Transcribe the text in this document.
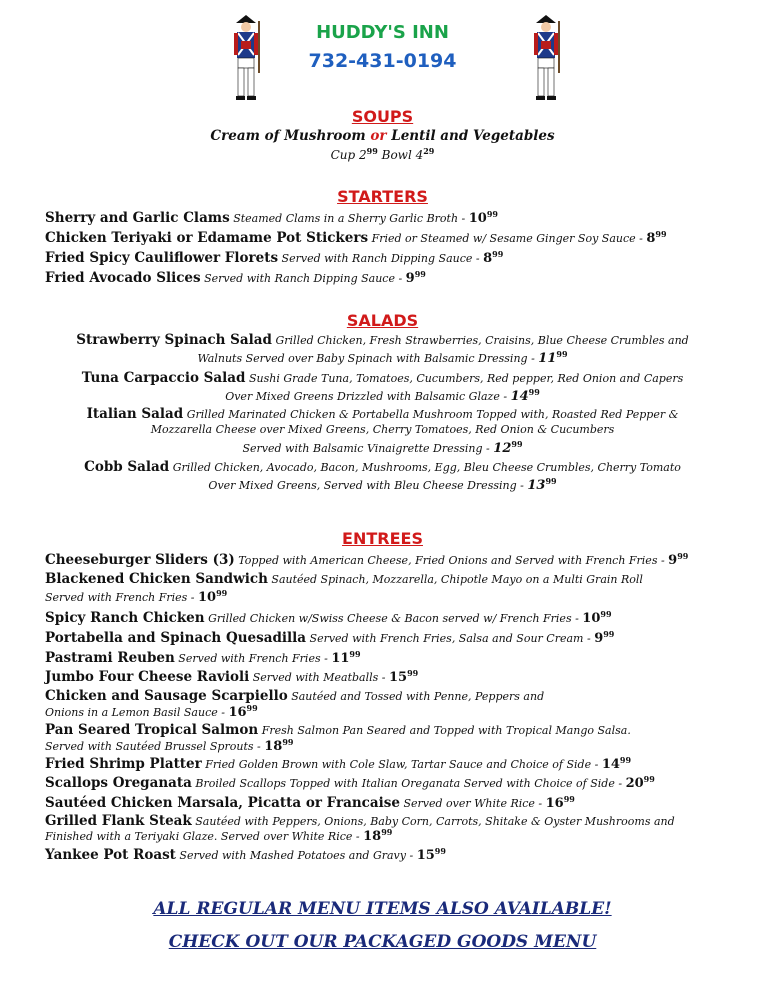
HUDDY'S INN
732-431-0194
SOUPS
Cream of Mushroom or Lentil and Vegetables
Cup $2^{99}$ Bowl $4^{29}$
STARTERS
Sherry and Garlic Clams Steamed Clams in a Sherry Garlic Broth - $10^{99}$
Chicken Teriyaki or Edamame Pot Stickers Fried or Steamed w/ Sesame Ginger Soy Sauce - $8^{99}$
Fried Spicy Cauliflower Florets Served with Ranch Dipping Sauce - $8^{99}$
Fried Avocado Slices Served with Ranch Dipping Sauce - $9^{99}$
SALADS
Strawberry Spinach Salad Grilled Chicken, Fresh Strawberries, Craisins, Blue Cheese Crumbles and
Walnuts Served over Baby Spinach with Balsamic Dressing - $11^{99}$
Tuna Carpaccio Salad Sushi Grade Tuna, Tomatoes, Cucumbers, Red pepper, Red Onion and Capers
Over Mixed Greens Drizzled with Balsamic Glaze - $14^{99}$
Italian Salad Grilled Marinated Chicken & Portabella Mushroom Topped with, Roasted Red Pepper &
Mozzarella Cheese over Mixed Greens, Cherry Tomatoes, Red Onion & Cucumbers
Served with Balsamic Vinaigrette Dressing - $12^{99}$
Cobb Salad Grilled Chicken, Avocado, Bacon, Mushrooms, Egg, Bleu Cheese Crumbles, Cherry Tomato
Over Mixed Greens, Served with Bleu Cheese Dressing - $13^{99}$
ENTREES
Cheeseburger Sliders (3) Topped with American Cheese, Fried Onions and Served with French Fries - $9^{99}$
Blackened Chicken Sandwich Sautéed Spinach, Mozzarella, Chipotle Mayo on a Multi Grain Roll
Served with French Fries - $10^{99}$
Spicy Ranch Chicken Grilled Chicken w/Swiss Cheese & Bacon served w/ French Fries - $10^{99}$
Portabella and Spinach Quesadilla Served with French Fries, Salsa and Sour Cream - $9^{99}$
Pastrami Reuben Served with French Fries - $11^{99}$
Jumbo Four Cheese Ravioli Served with Meatballs - $15^{99}$
Chicken and Sausage Scarpiello Sautéed and Tossed with Penne, Peppers and
Onions in a Lemon Basil Sauce - $16^{99}$
Pan Seared Tropical Salmon Fresh Salmon Pan Seared and Topped with Tropical Mango Salsa.
Served with Sautéed Brussel Sprouts - $18^{99}$
Fried Shrimp Platter Fried Golden Brown with Cole Slaw, Tartar Sauce and Choice of Side - $14^{99}$
Scallops Oreganata Broiled Scallops Topped with Italian Oreganata Served with Choice of Side - $20^{99}$
Sautéed Chicken Marsala, Picatta or Francaise Served over White Rice - $16^{99}$
Grilled Flank Steak Sautéed with Peppers, Onions, Baby Corn, Carrots, Shitake & Oyster Mushrooms and
Finished with a Teriyaki Glaze. Served over White Rice - $18^{99}$
Yankee Pot Roast Served with Mashed Potatoes and Gravy - $15^{99}$
ALL REGULAR MENU ITEMS ALSO AVAILABLE!
CHECK OUT OUR PACKAGED GOODS MENU
